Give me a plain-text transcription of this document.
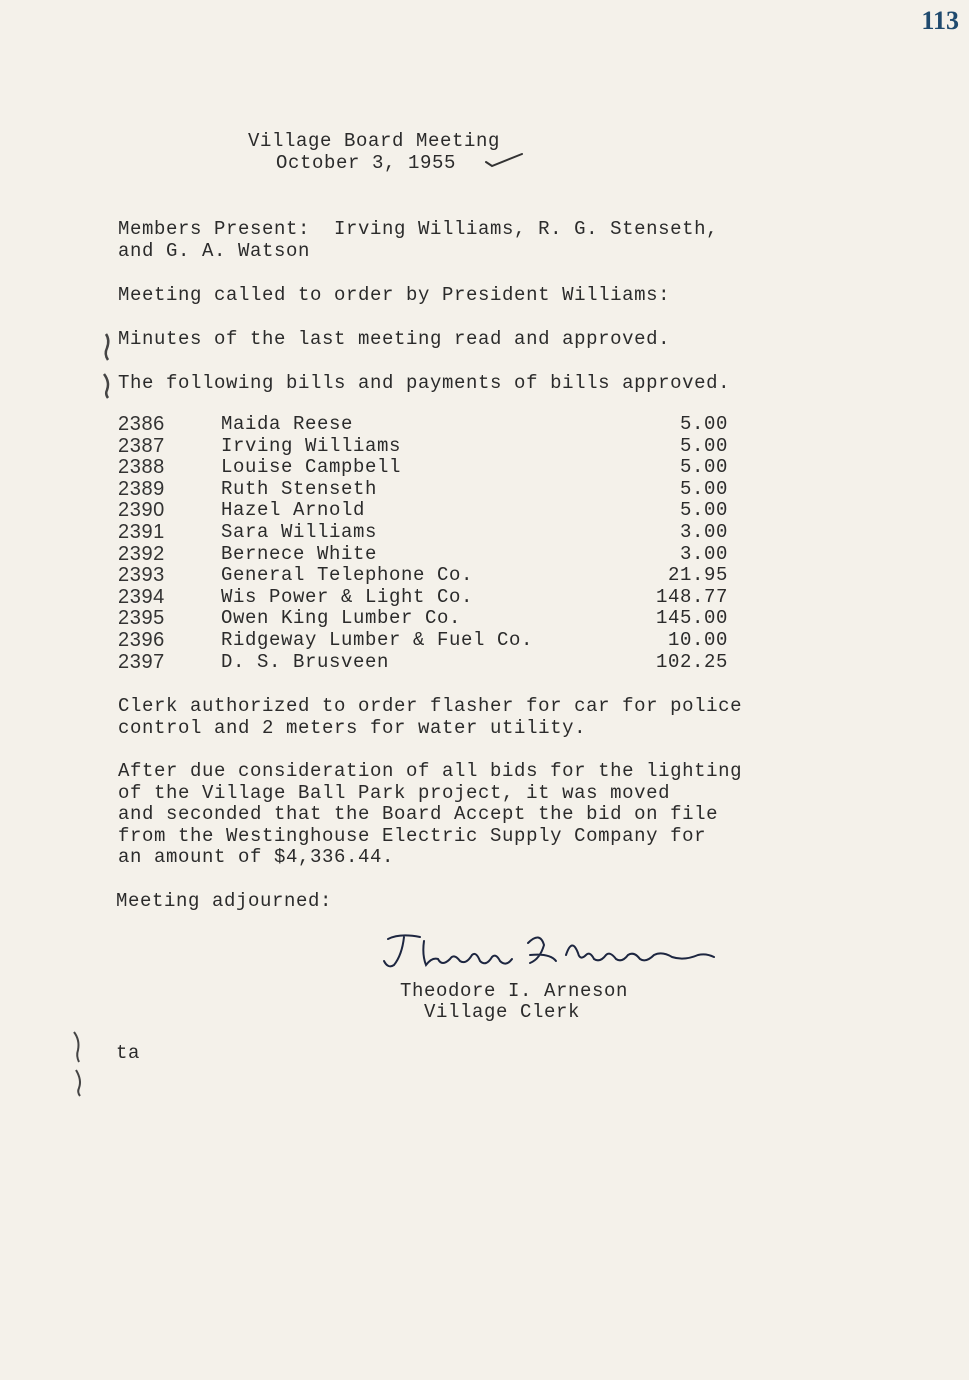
113
Village Board Meeting
October 3, 1955
Members Present:  Irving Williams, R. G. Stenseth,
and G. A. Watson
Meeting called to order by President Williams:
Minutes of the last meeting read and approved.
The following bills and payments of bills approved.
2386	Maida Reese	5.00
2387	Irving Williams	5.00
2388	Louise Campbell	5.00
2389	Ruth Stenseth	5.00
2390	Hazel Arnold	5.00
2391	Sara Williams	3.00
2392	Bernece White	3.00
2393	General Telephone Co.	21.95
2394	Wis Power & Light Co.	148.77
2395	Owen King Lumber Co.	145.00
2396	Ridgeway Lumber & Fuel Co.	10.00
2397	D. S. Brusveen	102.25
Clerk authorized to order flasher for car for police
control and 2 meters for water utility.
After due consideration of all bids for the lighting
of the Village Ball Park project, it was moved
and seconded that the Board Accept the bid on file
from the Westinghouse Electric Supply Company for
an amount of $4,336.44.
Meeting adjourned:
Theodore I. Arneson
Village Clerk
ta
